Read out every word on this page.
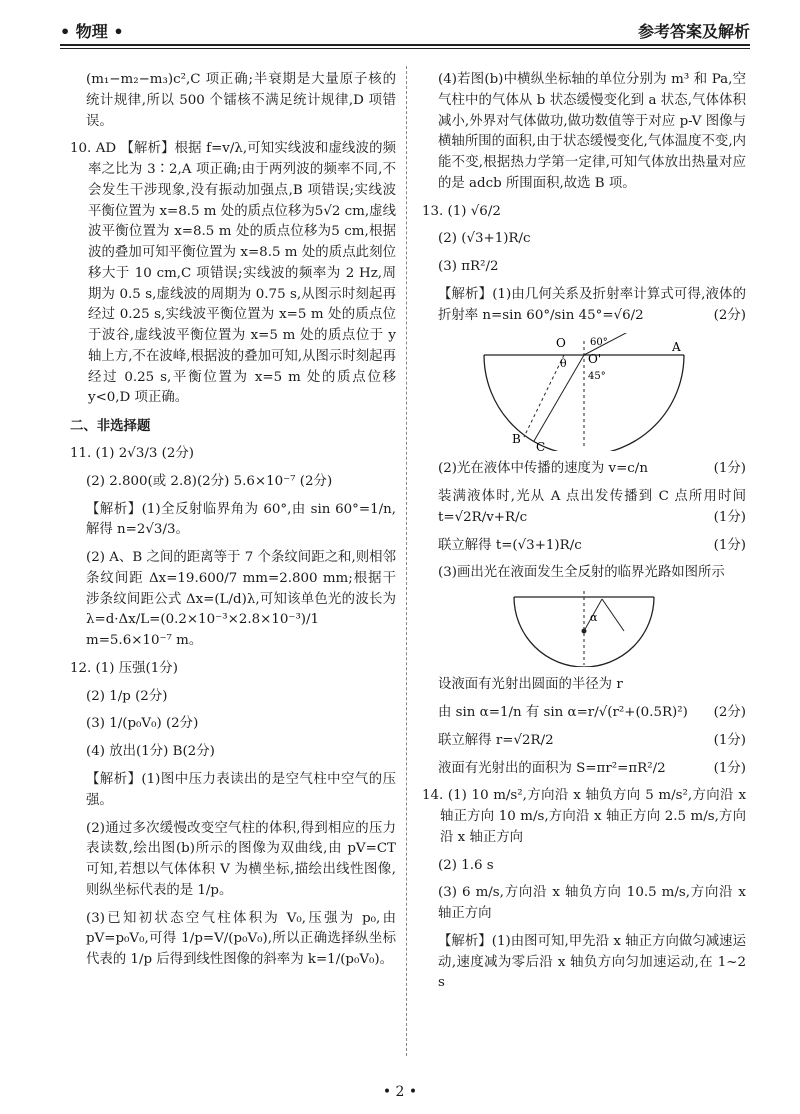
• 物理 •	参考答案及解析

(m₁−m₂−m₃)c²,C 项正确;半衰期是大量原子核的统计规律,所以 500 个镭核不满足统计规律,D 项错误。

10. AD 【解析】根据 f=v/λ,可知实线波和虚线波的频率之比为 3∶2,A 项正确;由于两列波的频率不同,不会发生干涉现象,没有振动加强点,B 项错误;实线波平衡位置为 x=8.5 m 处的质点位移为5√2 cm,虚线波平衡位置为 x=8.5 m 处的质点位移为5 cm,根据波的叠加可知平衡位置为 x=8.5 m 处的质点此刻位移大于 10 cm,C 项错误;实线波的频率为 2 Hz,周期为 0.5 s,虚线波的周期为 0.75 s,从图示时刻起再经过 0.25 s,实线波平衡位置为 x=5 m 处的质点位于波谷,虚线波平衡位置为 x=5 m 处的质点位于 y 轴上方,不在波峰,根据波的叠加可知,从图示时刻起再经过 0.25 s,平衡位置为 x=5 m 处的质点位移 y<0,D 项正确。

二、非选择题

11. (1) 2√3/3 (2分)

(2) 2.800(或 2.8)(2分) 5.6×10⁻⁷ (2分)

【解析】(1)全反射临界角为 60°,由 sin 60°=1/n,解得 n=2√3/3。

(2) A、B 之间的距离等于 7 个条纹间距之和,则相邻条纹间距 Δx=19.600/7 mm=2.800 mm;根据干涉条纹间距公式 Δx=(L/d)λ,可知该单色光的波长为 λ=d·Δx/L=(0.2×10⁻³×2.8×10⁻³)/1 m=5.6×10⁻⁷ m。

12. (1) 压强(1分)

(2) 1/p (2分)

(3) 1/(p₀V₀) (2分)

(4) 放出(1分) B(2分)

【解析】(1)图中压力表读出的是空气柱中空气的压强。

(2)通过多次缓慢改变空气柱的体积,得到相应的压力表读数,绘出图(b)所示的图像为双曲线,由 pV=CT 可知,若想以气体体积 V 为横坐标,描绘出线性图像,则纵坐标代表的是 1/p。

(3)已知初状态空气柱体积为 V₀,压强为 p₀,由 pV=p₀V₀,可得 1/p=V/(p₀V₀),所以正确选择纵坐标代表的 1/p 后得到线性图像的斜率为 k=1/(p₀V₀)。

(4)若图(b)中横纵坐标轴的单位分别为 m³ 和 Pa,空气柱中的气体从 b 状态缓慢变化到 a 状态,气体体积减小,外界对气体做功,做功数值等于对应 p-V 图像与横轴所围的面积,由于状态缓慢变化,气体温度不变,内能不变,根据热力学第一定律,可知气体放出热量对应的是 adcb 所围面积,故选 B 项。

13. (1) √6/2

(2) (√3+1)R/c

(3) πR²/2

【解析】(1)由几何关系及折射率计算式可得,液体的折射率 n=sin 60°/sin 45°=√6/2	(2分)

O
O'
A
B
C
θ
60°
45°

(2)光在液体中传播的速度为 v=c/n	(1分)

装满液体时,光从 A 点出发传播到 C 点所用时间 t=√2R/v+R/c	(1分)

联立解得 t=(√3+1)R/c	(1分)

(3)画出光在液面发生全反射的临界光路如图所示

α

设液面有光射出圆面的半径为 r

由 sin α=1/n 有 sin α=r/√(r²+(0.5R)²) (2分)

联立解得 r=√2R/2	(1分)

液面有光射出的面积为 S=πr²=πR²/2	(1分)

14. (1) 10 m/s²,方向沿 x 轴负方向 5 m/s²,方向沿 x 轴正方向 10 m/s,方向沿 x 轴正方向 2.5 m/s,方向沿 x 轴正方向

(2) 1.6 s

(3) 6 m/s,方向沿 x 轴负方向 10.5 m/s,方向沿 x 轴正方向

【解析】(1)由图可知,甲先沿 x 轴正方向做匀减速运动,速度减为零后沿 x 轴负方向匀加速运动,在 1~2 s

• 2 •
